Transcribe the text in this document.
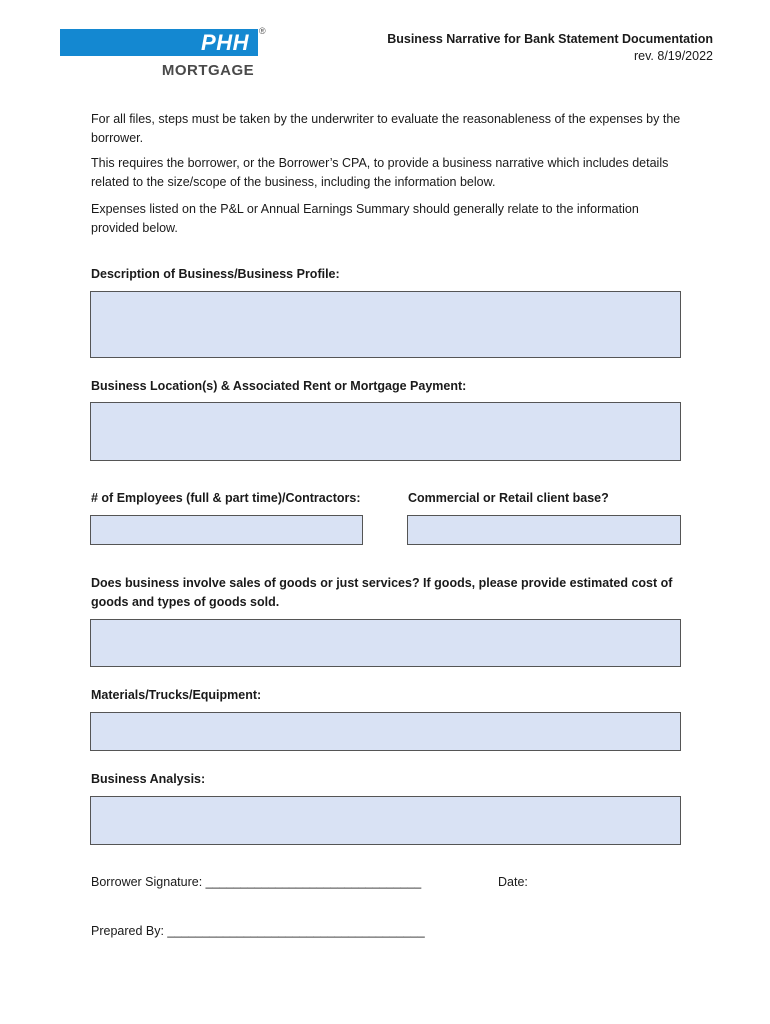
PHH	®
MORTGAGE
Business Narrative for Bank Statement Documentation
rev. 8/19/2022
For all files, steps must be taken by the underwriter to evaluate the reasonableness of the expenses by the borrower.
This requires the borrower, or the Borrower’s CPA, to provide a business narrative which includes details related to the size/scope of the business, including the information below.
Expenses listed on the P&L or Annual Earnings Summary should generally relate to the information provided below.
Description of Business/Business Profile:
Business Location(s) & Associated Rent or Mortgage Payment:
# of Employees (full & part time)/Contractors:	Commercial or Retail client base?
Does business involve sales of goods or just services? If goods, please provide estimated cost of goods and types of goods sold.
Materials/Trucks/Equipment:
Business Analysis:
Borrower Signature: _______________________________	Date:
Prepared By: _____________________________________
